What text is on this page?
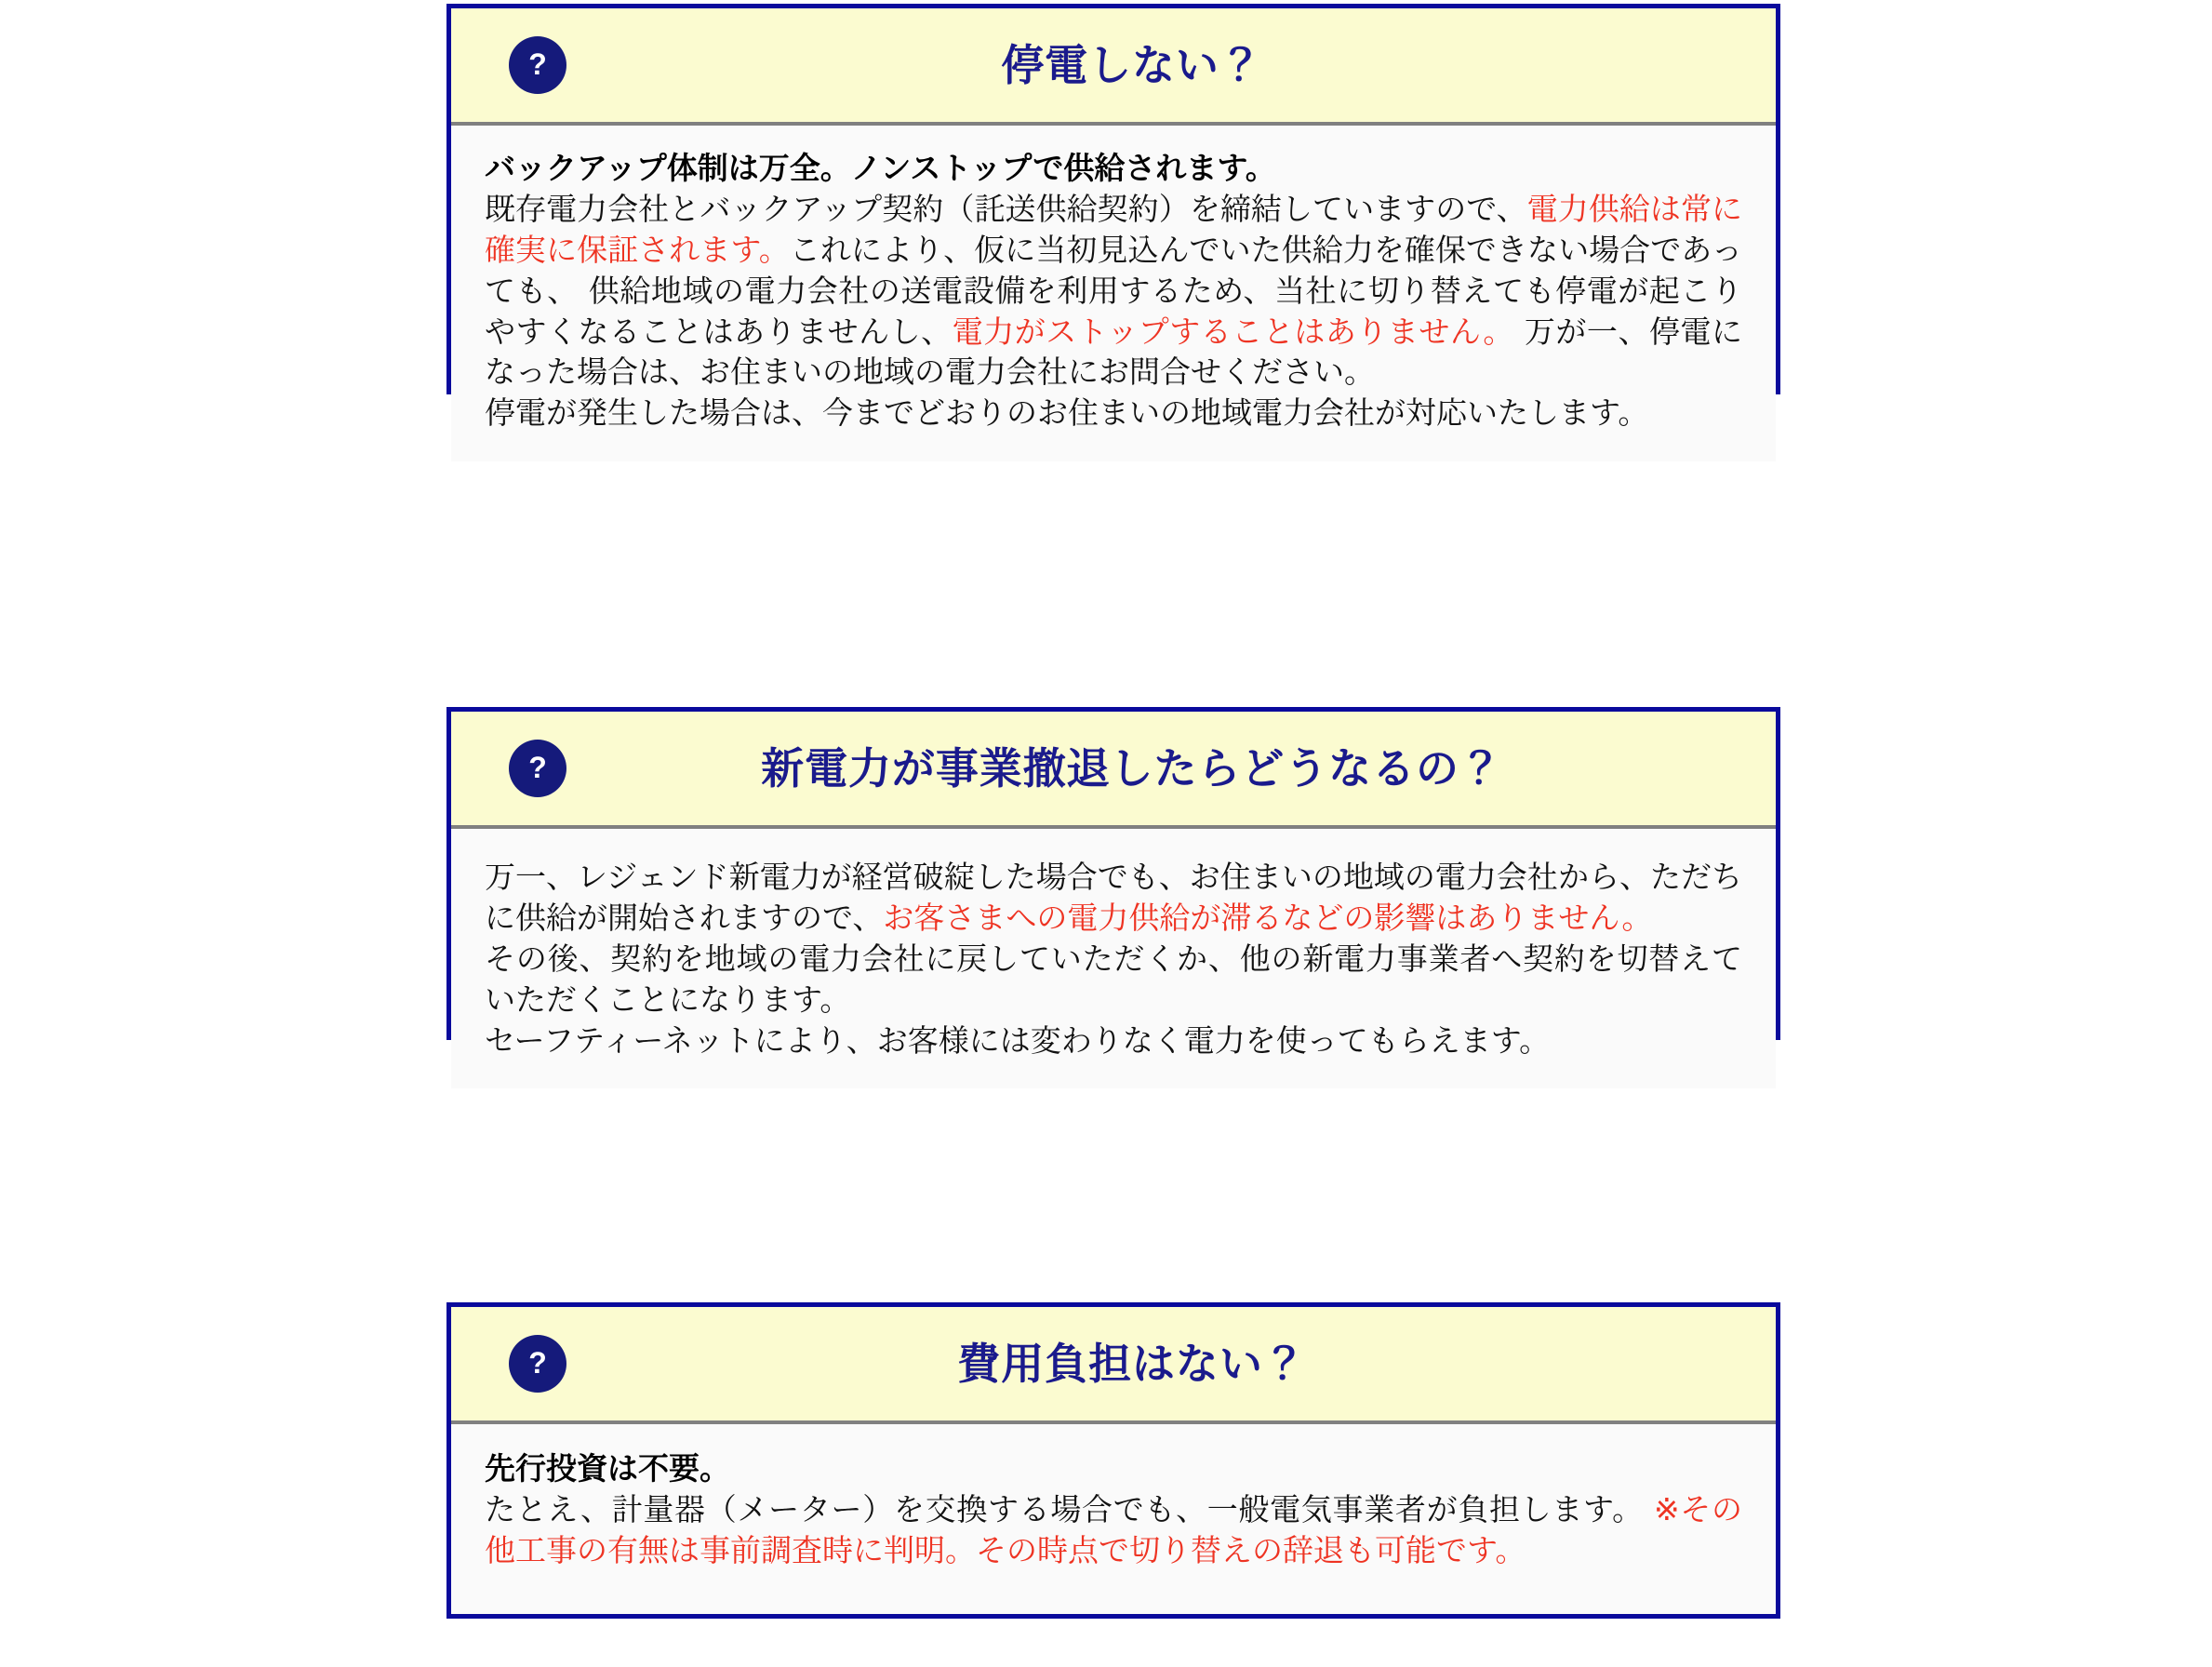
?	停電しない？
バックアップ体制は万全。ノンストップで供給されます。
既存電力会社とバックアップ契約（託送供給契約）を締結していますので、電力供給は常に確実に保証されます。これにより、仮に当初見込んでいた供給力を確保できない場合であっても、 供給地域の電力会社の送電設備を利用するため、当社に切り替えても停電が起こりやすくなることはありませんし、電力がストップすることはありません。 万が一、停電になった場合は、お住まいの地域の電力会社にお問合せください。
停電が発生した場合は、今までどおりのお住まいの地域電力会社が対応いたします。
?	新電力が事業撤退したらどうなるの？
万一、レジェンド新電力が経営破綻した場合でも、お住まいの地域の電力会社から、ただちに供給が開始されますので、お客さまへの電力供給が滞るなどの影響はありません。
その後、契約を地域の電力会社に戻していただくか、他の新電力事業者へ契約を切替えていただくことになります。
セーフティーネットにより、お客様には変わりなく電力を使ってもらえます。
?	費用負担はない？
先行投資は不要。
たとえ、計量器（メーター）を交換する場合でも、一般電気事業者が負担します。 ※その他工事の有無は事前調査時に判明。その時点で切り替えの辞退も可能です。
